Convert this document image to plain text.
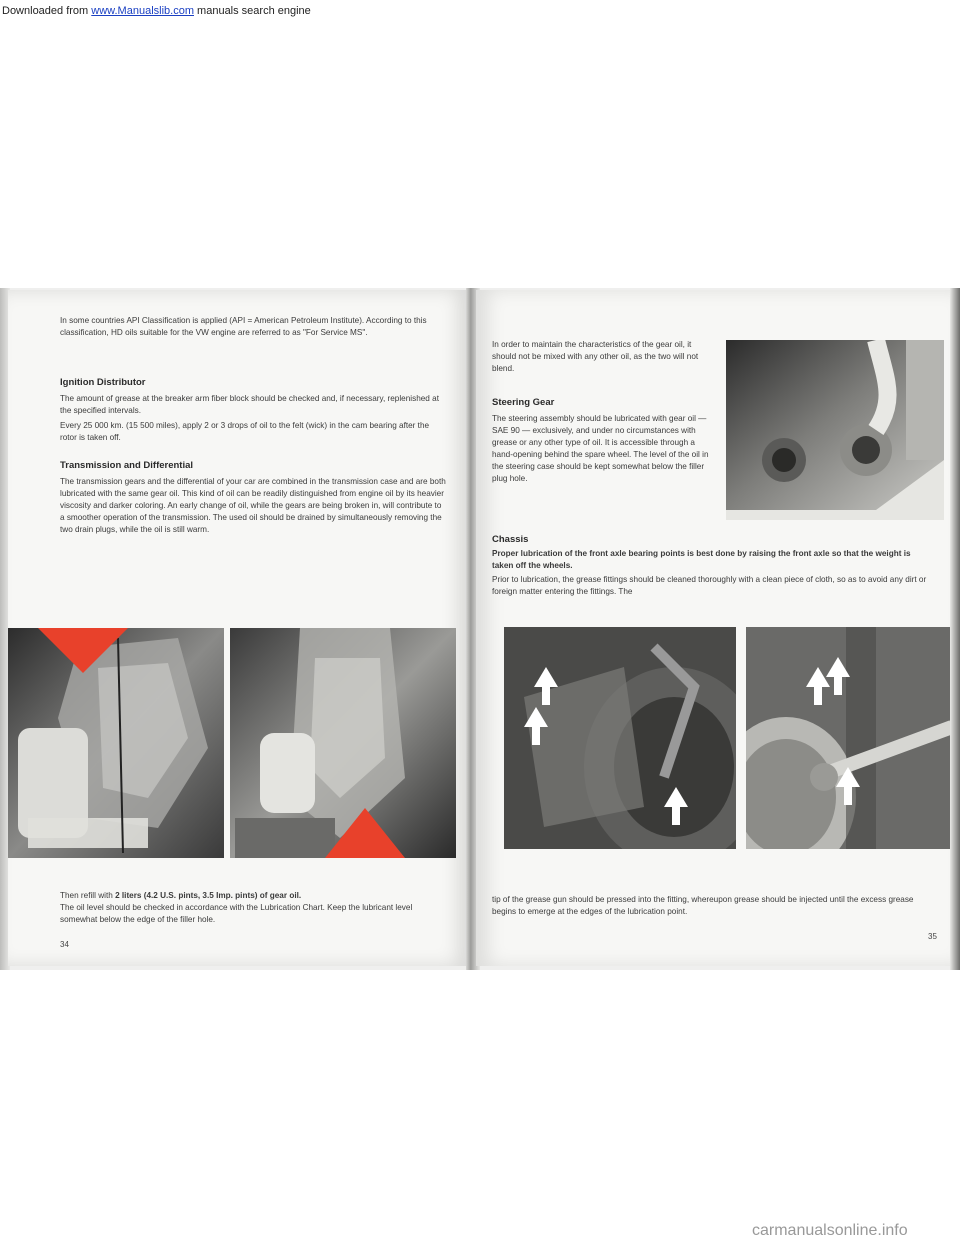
Downloaded from www.Manualslib.com manuals search engine

In some countries API Classification is applied (API = American Petroleum Institute). According to this classification, HD oils suitable for the VW engine are referred to as "For Service MS".

Ignition Distributor

The amount of grease at the breaker arm fiber block should be checked and, if necessary, replenished at the specified intervals.

Every 25 000 km. (15 500 miles), apply 2 or 3 drops of oil to the felt (wick) in the cam bearing after the rotor is taken off.

Transmission and Differential

The transmission gears and the differential of your car are combined in the transmission case and are both lubricated with the same gear oil. This kind of oil can be readily distinguished from engine oil by its heavier viscosity and darker coloring. An early change of oil, while the gears are being broken in, will contribute to a smoother operation of the transmission. The used oil should be drained by simultaneously removing the two drain plugs, while the oil is still warm.

Then refill with 2 liters (4.2 U.S. pints, 3.5 Imp. pints) of gear oil.

The oil level should be checked in accordance with the Lubrication Chart. Keep the lubricant level somewhat below the edge of the filler hole.

34

In order to maintain the characteristics of the gear oil, it should not be mixed with any other oil, as the two will not blend.

Steering Gear

The steering assembly should be lubricated with gear oil — SAE 90 — exclusively, and under no circumstances with grease or any other type of oil. It is accessible through a hand-opening behind the spare wheel. The level of the oil in the steering case should be kept somewhat below the filler plug hole.

Chassis

Proper lubrication of the front axle bearing points is best done by raising the front axle so that the weight is taken off the wheels.

Prior to lubrication, the grease fittings should be cleaned thoroughly with a clean piece of cloth, so as to avoid any dirt or foreign matter entering the fittings. The

tip of the grease gun should be pressed into the fitting, whereupon grease should be injected until the excess grease begins to emerge at the edges of the lubrication point.

35
carmanualsonline.info
